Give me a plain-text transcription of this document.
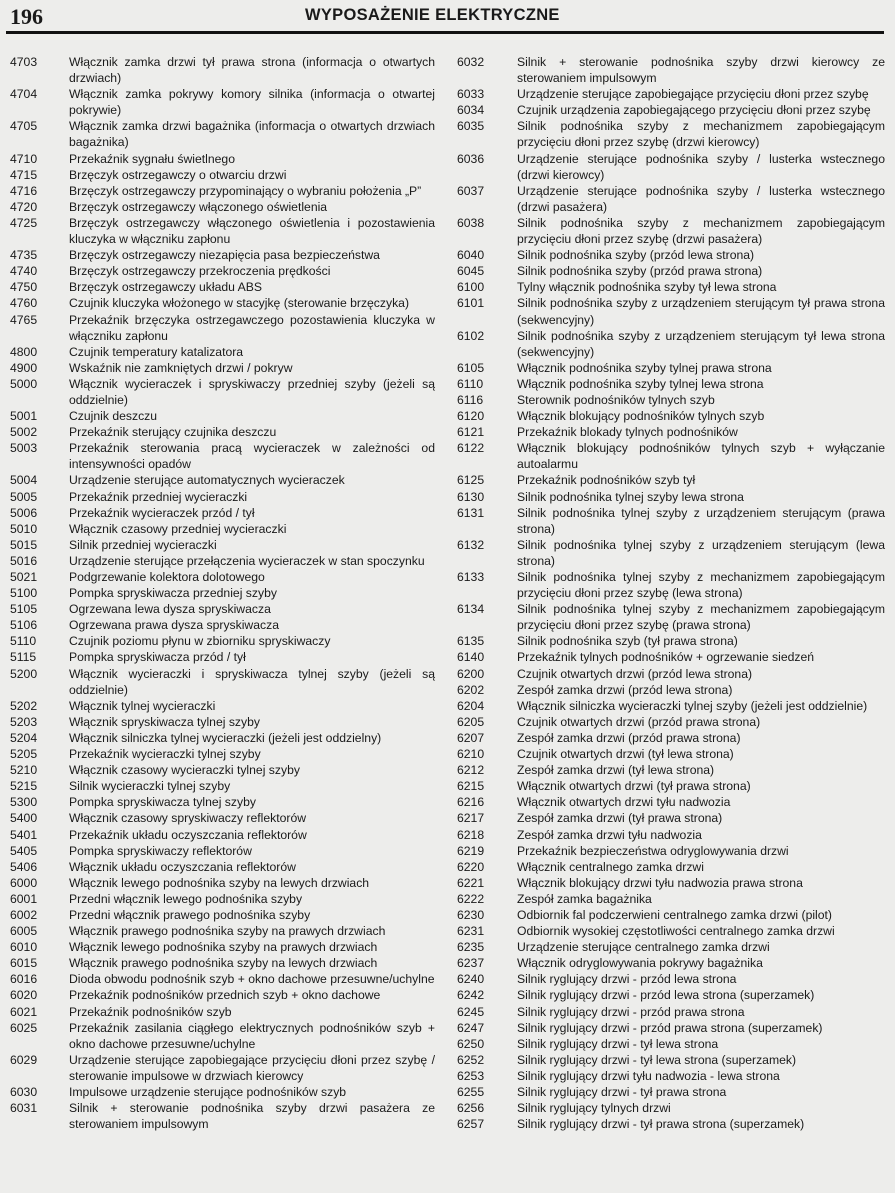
196	WYPOSAŻENIE ELEKTRYCZNE
4703	Włącznik zamka drzwi tył prawa strona (informacja o otwartych drzwiach)
4704	Włącznik zamka pokrywy komory silnika (informacja o otwartej pokrywie)
4705	Włącznik zamka drzwi bagażnika (informacja o otwartych drzwiach bagażnika)
4710	Przekaźnik sygnału świetlnego
4715	Brzęczyk ostrzegawczy o otwarciu drzwi
4716	Brzęczyk ostrzegawczy przypominający o wybraniu położenia „P”
4720	Brzęczyk ostrzegawczy włączonego oświetlenia
4725	Brzęczyk ostrzegawczy włączonego oświetlenia i pozostawienia kluczyka w włączniku zapłonu
4735	Brzęczyk ostrzegawczy niezapięcia pasa bezpieczeństwa
4740	Brzęczyk ostrzegawczy przekroczenia prędkości
4750	Brzęczyk ostrzegawczy układu ABS
4760	Czujnik kluczyka włożonego w stacyjkę (sterowanie brzęczyka)
4765	Przekaźnik brzęczyka ostrzegawczego pozostawienia kluczyka w włączniku zapłonu
4800	Czujnik temperatury katalizatora
4900	Wskaźnik nie zamkniętych drzwi / pokryw
5000	Włącznik wycieraczek i spryskiwaczy przedniej szyby (jeżeli są oddzielnie)
5001	Czujnik deszczu
5002	Przekaźnik sterujący czujnika deszczu
5003	Przekaźnik sterowania pracą wycieraczek w zależności od intensywności opadów
5004	Urządzenie sterujące automatycznych wycieraczek
5005	Przekaźnik przedniej wycieraczki
5006	Przekaźnik wycieraczek przód / tył
5010	Włącznik czasowy przedniej wycieraczki
5015	Silnik przedniej wycieraczki
5016	Urządzenie sterujące przełączenia wycieraczek w stan spoczynku
5021	Podgrzewanie kolektora dolotowego
5100	Pompka spryskiwacza przedniej szyby
5105	Ogrzewana lewa dysza spryskiwacza
5106	Ogrzewana prawa dysza spryskiwacza
5110	Czujnik poziomu płynu w zbiorniku spryskiwaczy
5115	Pompka spryskiwacza przód / tył
5200	Włącznik wycieraczki i spryskiwacza tylnej szyby (jeżeli są oddzielnie)
5202	Włącznik tylnej wycieraczki
5203	Włącznik spryskiwacza tylnej szyby
5204	Włącznik silniczka tylnej wycieraczki (jeżeli jest oddzielny)
5205	Przekaźnik wycieraczki tylnej szyby
5210	Włącznik czasowy wycieraczki tylnej szyby
5215	Silnik wycieraczki tylnej szyby
5300	Pompka spryskiwacza tylnej szyby
5400	Włącznik czasowy spryskiwaczy reflektorów
5401	Przekaźnik układu oczyszczania reflektorów
5405	Pompka spryskiwaczy reflektorów
5406	Włącznik układu oczyszczania reflektorów
6000	Włącznik lewego podnośnika szyby na lewych drzwiach
6001	Przedni włącznik lewego podnośnika szyby
6002	Przedni włącznik prawego podnośnika szyby
6005	Włącznik prawego podnośnika szyby na prawych drzwiach
6010	Włącznik lewego podnośnika szyby na prawych drzwiach
6015	Włącznik prawego podnośnika szyby na lewych drzwiach
6016	Dioda obwodu podnośnik szyb + okno dachowe przesuwne/uchylne
6020	Przekaźnik podnośników przednich szyb + okno dachowe
6021	Przekaźnik podnośników szyb
6025	Przekaźnik zasilania ciągłego elektrycznych podnośników szyb + okno dachowe przesuwne/uchylne
6029	Urządzenie sterujące zapobiegające przycięciu dłoni przez szybę / sterowanie impulsowe w drzwiach kierowcy
6030	Impulsowe urządzenie sterujące podnośników szyb
6031	Silnik + sterowanie podnośnika szyby drzwi pasażera ze sterowaniem impulsowym
6032	Silnik + sterowanie podnośnika szyby drzwi kierowcy ze sterowaniem impulsowym
6033	Urządzenie sterujące zapobiegające przycięciu dłoni przez szybę
6034	Czujnik urządzenia zapobiegającego przycięciu dłoni przez szybę
6035	Silnik podnośnika szyby z mechanizmem zapobiegającym przycięciu dłoni przez szybę (drzwi kierowcy)
6036	Urządzenie sterujące podnośnika szyby / lusterka wstecznego (drzwi kierowcy)
6037	Urządzenie sterujące podnośnika szyby / lusterka wstecznego (drzwi pasażera)
6038	Silnik podnośnika szyby z mechanizmem zapobiegającym przycięciu dłoni przez szybę (drzwi pasażera)
6040	Silnik podnośnika szyby (przód lewa strona)
6045	Silnik podnośnika szyby (przód prawa strona)
6100	Tylny włącznik podnośnika szyby tył lewa strona
6101	Silnik podnośnika szyby z urządzeniem sterującym tył prawa strona (sekwencyjny)
6102	Silnik podnośnika szyby z urządzeniem sterującym tył lewa strona (sekwencyjny)
6105	Włącznik podnośnika szyby tylnej prawa strona
6110	Włącznik podnośnika szyby tylnej lewa strona
6116	Sterownik podnośników tylnych szyb
6120	Włącznik blokujący podnośników tylnych szyb
6121	Przekaźnik blokady tylnych podnośników
6122	Włącznik blokujący podnośników tylnych szyb + wyłączanie autoalarmu
6125	Przekaźnik podnośników szyb tył
6130	Silnik podnośnika tylnej szyby lewa strona
6131	Silnik podnośnika tylnej szyby z urządzeniem sterującym (prawa strona)
6132	Silnik podnośnika tylnej szyby z urządzeniem sterującym (lewa strona)
6133	Silnik podnośnika tylnej szyby z mechanizmem zapobiegającym przycięciu dłoni przez szybę (lewa strona)
6134	Silnik podnośnika tylnej szyby z mechanizmem zapobiegającym przycięciu dłoni przez szybę (prawa strona)
6135	Silnik podnośnika szyb (tył prawa strona)
6140	Przekaźnik tylnych podnośników + ogrzewanie siedzeń
6200	Czujnik otwartych drzwi (przód lewa strona)
6202	Zespół zamka drzwi (przód lewa strona)
6204	Włącznik silniczka wycieraczki tylnej szyby (jeżeli jest oddzielnie)
6205	Czujnik otwartych drzwi (przód prawa strona)
6207	Zespół zamka drzwi (przód prawa strona)
6210	Czujnik otwartych drzwi (tył lewa strona)
6212	Zespół zamka drzwi (tył lewa strona)
6215	Włącznik otwartych drzwi (tył prawa strona)
6216	Włącznik otwartych drzwi tyłu nadwozia
6217	Zespół zamka drzwi (tył prawa strona)
6218	Zespół zamka drzwi tyłu nadwozia
6219	Przekaźnik bezpieczeństwa odryglowywania drzwi
6220	Włącznik centralnego zamka drzwi
6221	Włącznik blokujący drzwi tyłu nadwozia prawa strona
6222	Zespół zamka bagażnika
6230	Odbiornik fal podczerwieni centralnego zamka drzwi (pilot)
6231	Odbiornik wysokiej częstotliwości centralnego zamka drzwi
6235	Urządzenie sterujące centralnego zamka drzwi
6237	Włącznik odryglowywania pokrywy bagażnika
6240	Silnik ryglujący drzwi - przód lewa strona
6242	Silnik ryglujący drzwi - przód lewa strona (superzamek)
6245	Silnik ryglujący drzwi - przód prawa strona
6247	Silnik ryglujący drzwi - przód prawa strona (superzamek)
6250	Silnik ryglujący drzwi - tył lewa strona
6252	Silnik ryglujący drzwi - tył lewa strona (superzamek)
6253	Silnik ryglujący drzwi tyłu nadwozia - lewa strona
6255	Silnik ryglujący drzwi - tył prawa strona
6256	Silnik ryglujący tylnych drzwi
6257	Silnik ryglujący drzwi - tył prawa strona (superzamek)
